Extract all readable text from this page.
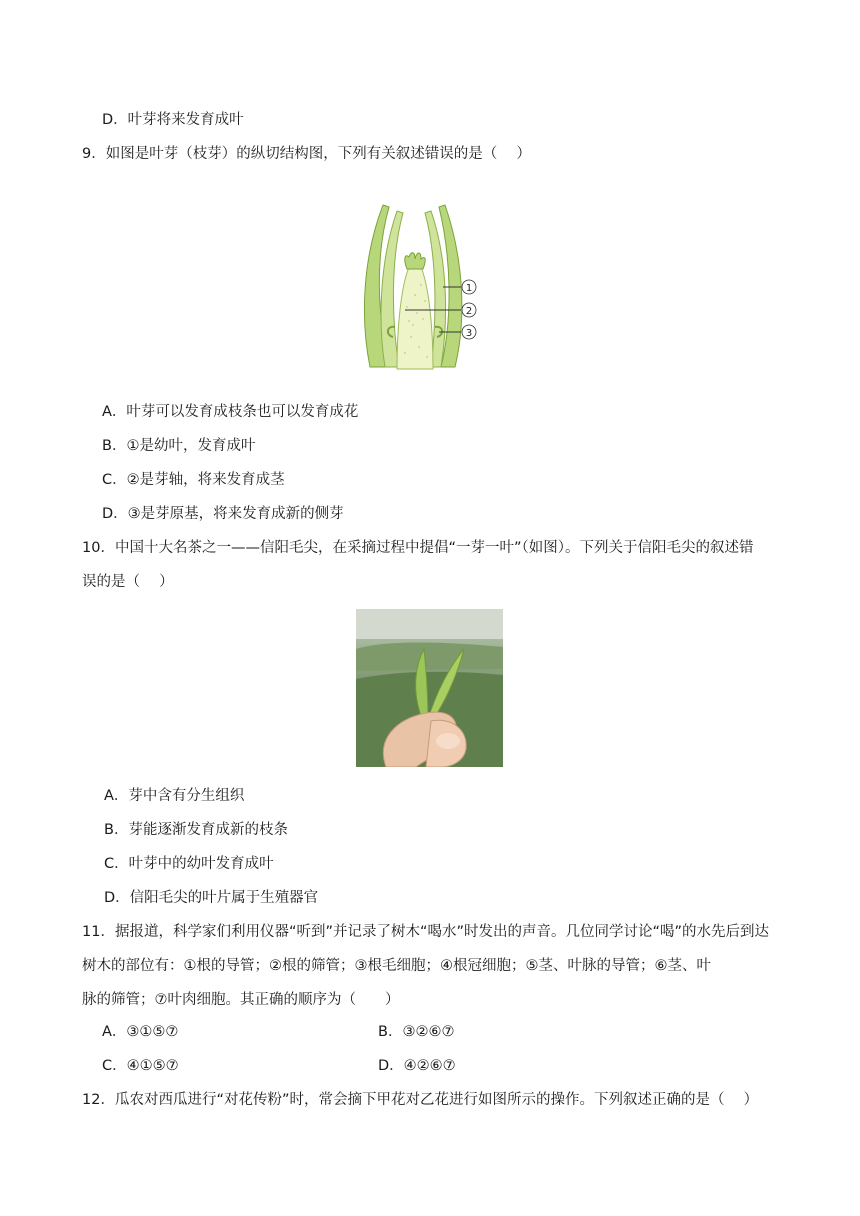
D．叶芽将来发育成叶
9．如图是叶芽（枝芽）的纵切结构图，下列有关叙述错误的是（　 ）
1
2
3
A．叶芽可以发育成枝条也可以发育成花
B．①是幼叶，发育成叶
C．②是芽轴，将来发育成茎
D．③是芽原基，将来发育成新的侧芽
10．中国十大名茶之一——信阳毛尖，在采摘过程中提倡“一芽一叶”（如图）。下列关于信阳毛尖的叙述错
误的是（　 ）
A．芽中含有分生组织
B．芽能逐渐发育成新的枝条
C．叶芽中的幼叶发育成叶
D．信阳毛尖的叶片属于生殖器官
11．据报道，科学家们利用仪器“听到”并记录了树木“喝水”时发出的声音。几位同学讨论“喝”的水先后到达
树木的部位有：①根的导管；②根的筛管；③根毛细胞；④根冠细胞；⑤茎、叶脉的导管；⑥茎、叶
脉的筛管；⑦叶肉细胞。其正确的顺序为（　　）
A．③①⑤⑦	B．③②⑥⑦
C．④①⑤⑦	D．④②⑥⑦
12．瓜农对西瓜进行“对花传粉”时，常会摘下甲花对乙花进行如图所示的操作。下列叙述正确的是（　 ）
